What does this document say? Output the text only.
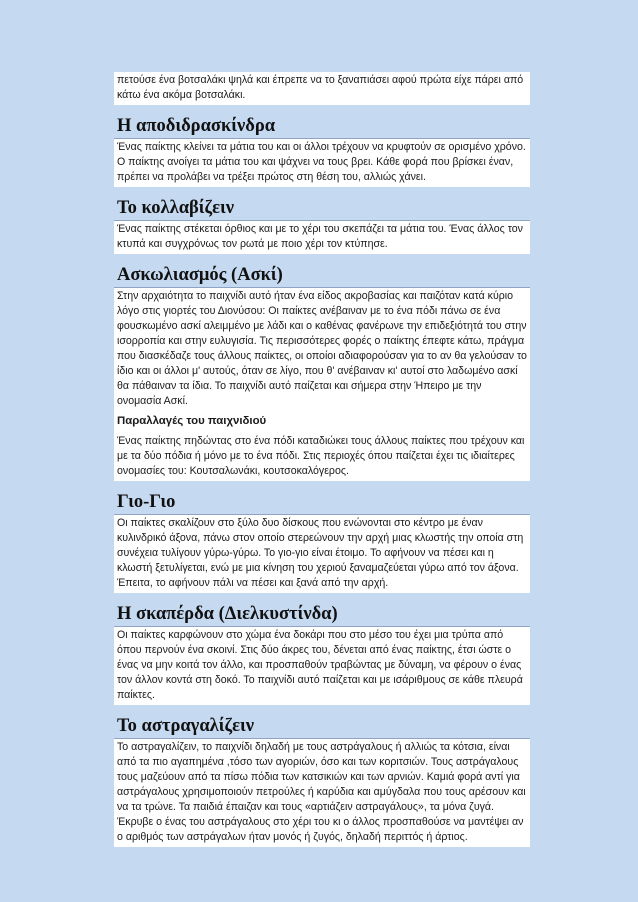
πετούσε ένα βοτσαλάκι ψηλά και έπρεπε να το ξαναπιάσει αφού πρώτα είχε πάρει από κάτω ένα ακόμα βοτσαλάκι.

Η αποδιδρασκίνδρα

Ένας παίκτης κλείνει τα μάτια του και οι άλλοι τρέχουν να κρυφτούν σε ορισμένο χρόνο. Ο παίκτης ανοίγει τα μάτια του και ψάχνει να τους βρει. Κάθε φορά που βρίσκει έναν, πρέπει να προλάβει να τρέξει πρώτος στη θέση του, αλλιώς χάνει.

Το κολλαβίζειν

Ένας παίκτης στέκεται όρθιος και με το χέρι του σκεπάζει τα μάτια του. Ένας άλλος τον κτυπά και συγχρόνως τον ρωτά με ποιο χέρι τον κτύπησε.

Ασκωλιασμός (Ασκί)

Στην αρχαιότητα το παιχνίδι αυτό ήταν ένα είδος ακροβασίας και παιζόταν κατά κύριο λόγο στις γιορτές του Διονύσου: Οι παίκτες ανέβαιναν με το ένα πόδι πάνω σε ένα φουσκωμένο ασκί αλειμμένο με λάδι και ο καθένας φανέρωνε την επιδεξιότητά του στην ισορροπία και στην ευλυγισία. Τις περισσότερες φορές ο παίκτης έπεφτε κάτω, πράγμα που διασκέδαζε τους άλλους παίκτες, οι οποίοι αδιαφορούσαν για το αν θα γελούσαν το ίδιο και οι άλλοι μ' αυτούς, όταν σε λίγο, που θ' ανέβαιναν κι' αυτοί στο λαδωμένο ασκί θα πάθαιναν τα ίδια. Το παιχνίδι αυτό παίζεται και σήμερα στην Ήπειρο με την ονομασία Ασκί.

Παραλλαγές του παιχνιδιού

Ένας παίκτης πηδώντας στο ένα πόδι καταδιώκει τους άλλους παίκτες που τρέχουν και με τα δύο πόδια ή μόνο με το ένα πόδι. Στις περιοχές όπου παίζεται έχει τις ιδιαίτερες ονομασίες του: Κουτσαλωνάκι, κουτσοκαλόγερος.

Γιο-Γιο

Οι παίκτες σκαλίζουν στο ξύλο δυο δίσκους που ενώνονται στο κέντρο με έναν κυλινδρικό άξονα, πάνω στον οποίο στερεώνουν την αρχή μιας κλωστής την οποία στη συνέχεια τυλίγουν γύρω-γύρω. Το γιο-γιο είναι έτοιμο. Το αφήνουν να πέσει και η κλωστή ξετυλίγεται, ενώ με μια κίνηση του χεριού ξαναμαζεύεται γύρω από τον άξονα. Έπειτα, το αφήνουν πάλι να πέσει και ξανά από την αρχή.

Η σκαπέρδα (Διελκυστίνδα)

Οι παίκτες καρφώνουν στο χώμα ένα δοκάρι που στο μέσο του έχει μια τρύπα από όπου περνούν ένα σκοινί. Στις δύο άκρες του, δένεται από ένας παίκτης, έτσι ώστε ο ένας να μην κοιτά τον άλλο, και προσπαθούν τραβώντας με δύναμη, να φέρουν ο ένας τον άλλον κοντά στη δοκό. Το παιχνίδι αυτό παίζεται και με ισάριθμους σε κάθε πλευρά παίκτες.

Το αστραγαλίζειν

Το αστραγαλίζειν, το παιχνίδι δηλαδή με τους αστράγαλους ή αλλιώς τα κότσια, είναι από τα πιο αγαπημένα ,τόσο των αγοριών, όσο και των κοριτσιών. Τους αστράγαλους τους μαζεύουν από τα πίσω πόδια των κατσικιών και των αρνιών. Καμιά φορά αντί για αστράγαλους χρησιμοποιούν πετρούλες ή καρύδια και αμύγδαλα που τους αρέσουν και να τα τρώνε. Τα παιδιά έπαιζαν και τους «αρτιάζειν αστραγάλους», τα μόνα ζυγά. Έκρυβε ο ένας του αστράγαλους στο χέρι του κι ο άλλος προσπαθούσε να μαντέψει αν ο αριθμός των αστράγαλων ήταν μονός ή ζυγός, δηλαδή περιττός ή άρτιος.
